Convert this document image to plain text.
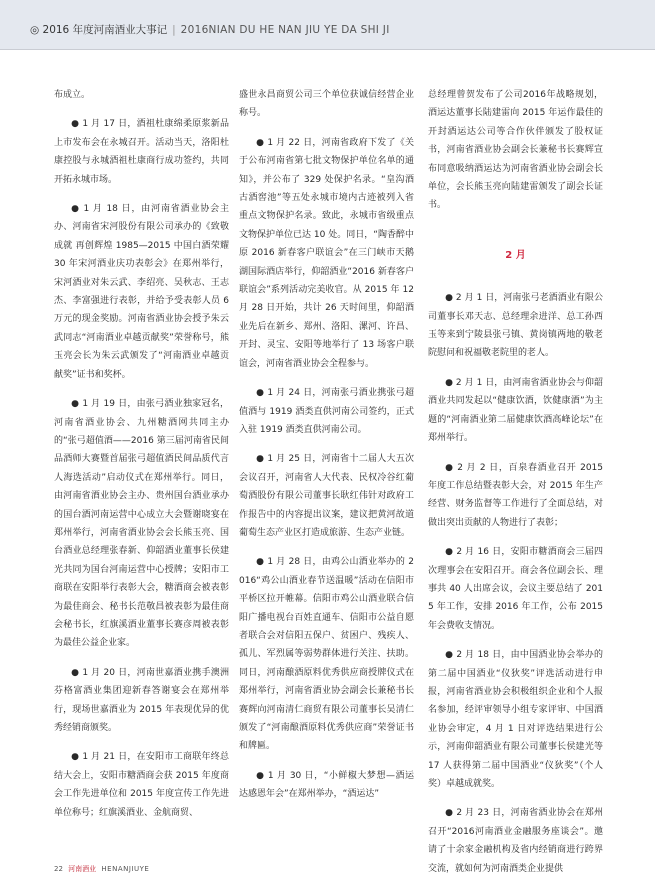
◎ 2016 年度河南酒业大事记 | 2016NIAN DU HE NAN JIU YE DA SHI JI

布成立。

● 1 月 17 日，酒祖杜康绵柔原浆新品上市发布会在永城召开。活动当天，洛阳杜康控股与永城酒祖杜康商行成功签约，共同开拓永城市场。

● 1 月 18 日，由河南省酒业协会主办、河南省宋河股份有限公司承办的《致敬成就 再创辉煌 1985—2015 中国白酒荣耀 30 年宋河酒业庆功表彰会》在郑州举行，宋河酒业对朱云武、李绍亮、吴秋志、王志杰、李富强进行表彰，并给予受表彰人员 6 万元的现金奖励。河南省酒业协会授予朱云武同志“河南酒业卓越贡献奖”荣誉称号，熊玉亮会长为朱云武颁发了“河南酒业卓越贡献奖”证书和奖杯。

● 1 月 19 日，由张弓酒业独家冠名，河南省酒业协会、九州糖酒网共同主办的“张弓超值酒——2016 第三届河南省民间品酒师大赛暨首届张弓超值酒民间品质代言人海选活动”启动仪式在郑州举行。同日，由河南省酒业协会主办、贵州国台酒业承办的国台酒河南运营中心成立大会暨谢晓宴在郑州举行，河南省酒业协会会长熊玉亮、国台酒业总经理张春新、仰韶酒业董事长侯建光共同为国台河南运营中心授牌；安阳市工商联在安阳举行表彰大会，糖酒商会被表彰为最佳商会、秘书长范敬昌被表彰为最佳商会秘书长，红旗溪酒业董事长赛彦周被表彰为最佳公益企业家。

● 1 月 20 日，河南世嘉酒业携手澳洲芬格富酒业集团迎新春答谢宴会在郑州举行，现场世嘉酒业为 2015 年表现优异的优秀经销商颁奖。

● 1 月 21 日，在安阳市工商联年终总结大会上，安阳市糖酒商会获 2015 年度商会工作先进单位和 2015 年度宣传工作先进单位称号；红旗溪酒业、金航商贸、

盛世永昌商贸公司三个单位获诚信经营企业称号。

● 1 月 22 日，河南省政府下发了《关于公布河南省第七批文物保护单位名单的通知》，并公布了 329 处保护名录。“皇沟酒古酒窖池”等五处永城市境内古迹被列入省重点文物保护名录。致此，永城市省级重点文物保护单位已达 10 处。同日，“陶香醉中原 2016 新春客户联谊会”在三门峡市天鹅湖国际酒店举行，仰韶酒业“2016 新春客户联谊会”系列活动完美收官。从 2015 年 12 月 28 日开始，共计 26 天时间里，仰韶酒业先后在新乡、郑州、洛阳、漯河、许昌、开封、灵宝、安阳等地举行了 13 场客户联谊会，河南省酒业协会全程参与。

● 1 月 24 日，河南张弓酒业携张弓超值酒与 1919 酒类直供河南公司签约，正式入驻 1919 酒类直供河南公司。

● 1 月 25 日，河南省十二届人大五次会议召开，河南省人大代表、民权冷谷红葡萄酒股份有限公司董事长耿红伟针对政府工作报告中的内容提出议案，建议把黄河故道葡萄生态产业区打造成旅游、生态产业链。

● 1 月 28 日，由鸡公山酒业举办的 2016“鸡公山酒业春节送温暖”活动在信阳市平桥区拉开帷幕。信阳市鸡公山酒业联合信阳广播电视台百姓直通车、信阳市公益自愿者联合会对信阳五保户、贫困户、残疾人、孤儿、军烈属等弱势群体进行关注、扶助。同日，河南酿酒原料优秀供应商授牌仪式在郑州举行，河南省酒业协会副会长兼秘书长赛辉向河南清仁商贸有限公司董事长吴清仁颁发了“河南酿酒原料优秀供应商”荣誉证书和牌匾。

● 1 月 30 日，“小鲜椒大梦想—酒运达感恩年会”在郑州举办，“酒运达”

总经理曾贺发布了公司2016年战略规划，酒运达董事长陆建雷向 2015 年运作最佳的开封酒运达公司等合作伙伴颁发了股权证书，河南省酒业协会副会长兼秘书长赛辉宣布同意吸纳酒运达为河南省酒业协会副会长单位，会长熊玉亮向陆建雷颁发了副会长证书。

2 月

● 2 月 1 日，河南张弓老酒酒业有限公司董事长邓天志、总经理余进洋、总工孙西玉等来到宁陵县张弓镇、黄岗镇两地的敬老院慰问和祝福敬老院里的老人。

● 2 月 1 日，由河南省酒业协会与仰韶酒业共同发起以“健康饮酒，饮健康酒”为主题的“河南酒业第二届健康饮酒高峰论坛”在郑州举行。

● 2 月 2 日，百泉春酒业召开 2015 年度工作总结暨表彰大会，对 2015 年生产经营、财务监督等工作进行了全面总结，对做出突出贡献的人物进行了表彰；

● 2 月 16 日，安阳市糖酒商会三届四次理事会在安阳召开。商会各位副会长、理事共 40 人出席会议，会议主要总结了 2015 年工作，安排 2016 年工作，公布 2015 年会费收支情况。

● 2 月 18 日，由中国酒业协会举办的第二届中国酒业“仪狄奖”评选活动进行申报，河南省酒业协会积极组织企业和个人报名参加，经评审领导小组专家评审、中国酒业协会审定，4 月 1 日对评选结果进行公示，河南仰韶酒业有限公司董事长侯建光等 17 人获得第二届中国酒业“仪狄奖”（个人奖）卓越成就奖。

● 2 月 23 日，河南省酒业协会在郑州召开“2016河南酒业金融服务座谈会”。邀请了十余家金融机构及省内经销商进行跨界交流，就如何为河南酒类企业提供

22 河南酒业 HENANJIUYE
